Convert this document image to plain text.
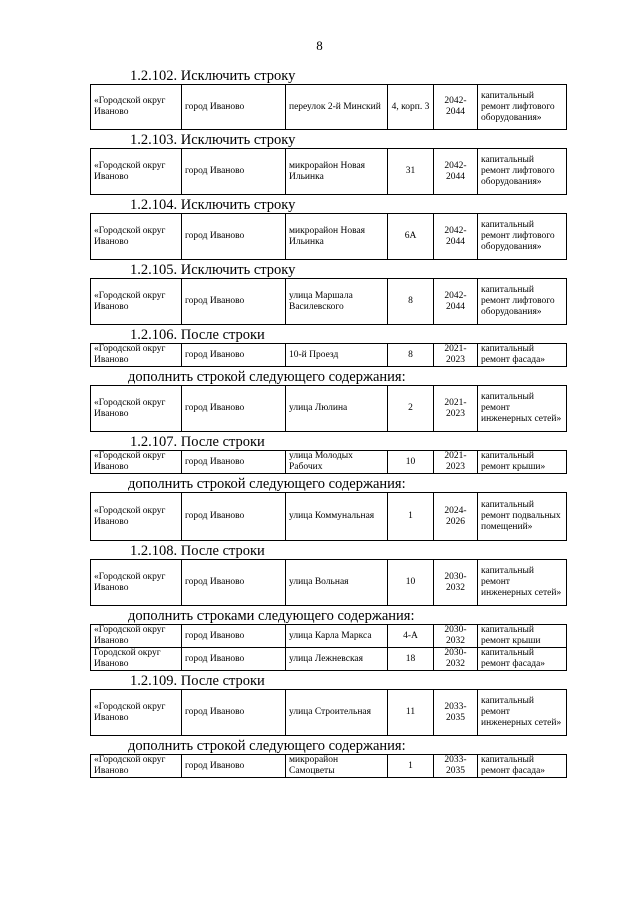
8
1.2.102. Исключить строку
«Городской округ Иваново	город Иваново	переулок 2-й Минский	4, корп. 3	2042-2044	капитальный ремонт лифтового оборудования»
1.2.103. Исключить строку
«Городской округ Иваново	город Иваново	микрорайон Новая Ильинка	31	2042-2044	капитальный ремонт лифтового оборудования»
1.2.104. Исключить строку
«Городской округ Иваново	город Иваново	микрорайон Новая Ильинка	6А	2042-2044	капитальный ремонт лифтового оборудования»
1.2.105. Исключить строку
«Городской округ Иваново	город Иваново	улица Маршала Василевского	8	2042-2044	капитальный ремонт лифтового оборудования»
1.2.106. После строки
«Городской округ Иваново	город Иваново	10-й Проезд	8	2021-2023	капитальный ремонт фасада»
дополнить строкой следующего содержания:
«Городской округ Иваново	город Иваново	улица Люлина	2	2021-2023	капитальный ремонт инженерных сетей»
1.2.107. После строки
«Городской округ Иваново	город Иваново	улица Молодых Рабочих	10	2021-2023	капитальный ремонт крыши»
дополнить строкой следующего содержания:
«Городской округ Иваново	город Иваново	улица Коммунальная	1	2024-2026	капитальный ремонт подвальных помещений»
1.2.108. После строки
«Городской округ Иваново	город Иваново	улица Вольная	10	2030-2032	капитальный ремонт инженерных сетей»
дополнить строками следующего содержания:
«Городской округ Иваново	город Иваново	улица Карла Маркса	4-А	2030-2032	капитальный ремонт крыши
Городской округ Иваново	город Иваново	улица Лежневская	18	2030-2032	капитальный ремонт фасада»
1.2.109. После строки
«Городской округ Иваново	город Иваново	улица Строительная	11	2033-2035	капитальный ремонт инженерных сетей»
дополнить строкой следующего содержания:
«Городской округ Иваново	город Иваново	микрорайон Самоцветы	1	2033-2035	капитальный ремонт фасада»
